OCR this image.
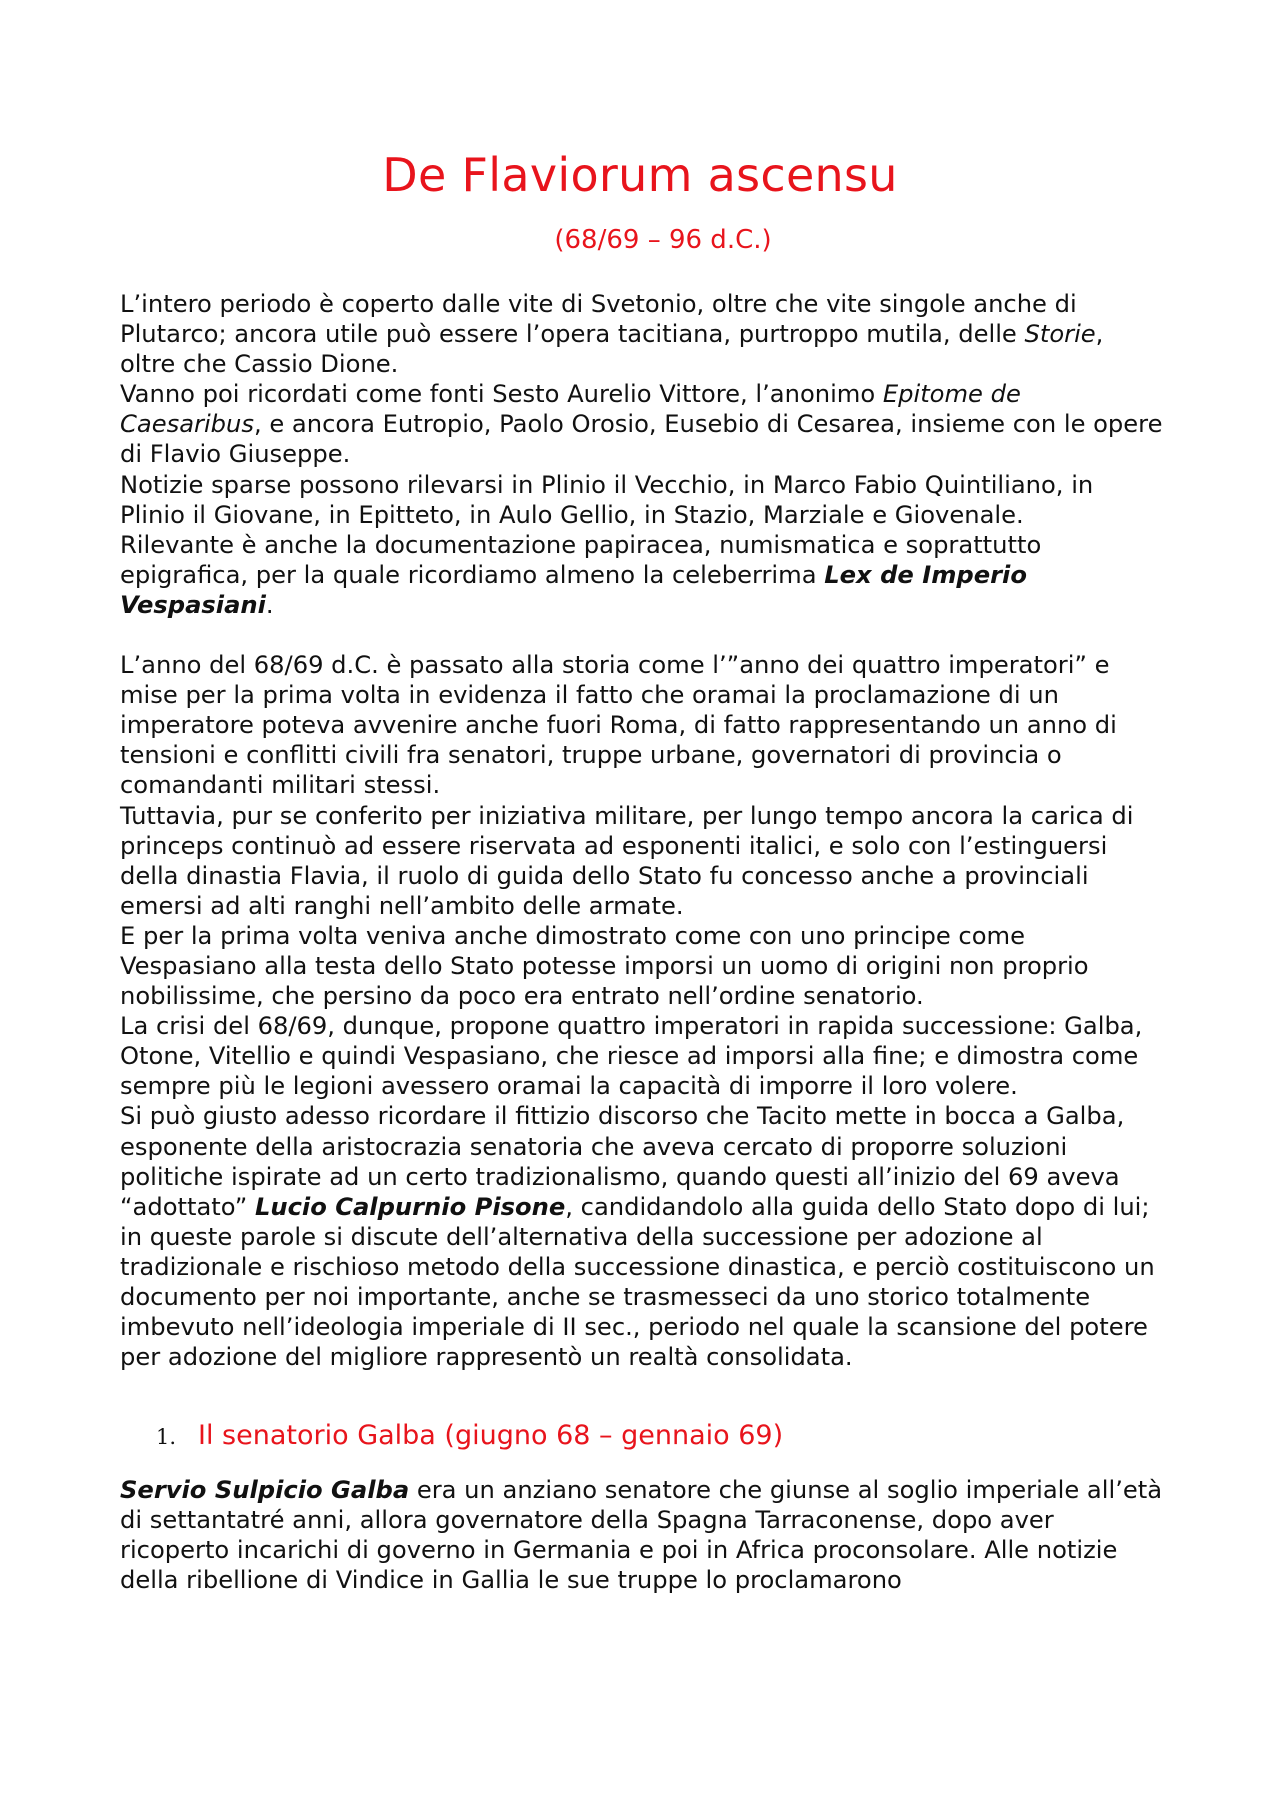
De Flaviorum ascensu
(68/69 – 96 d.C.)

L’intero periodo è coperto dalle vite di Svetonio, oltre che vite singole anche di Plutarco; ancora utile può essere l’opera tacitiana, purtroppo mutila, delle Storie, oltre che Cassio Dione.

Vanno poi ricordati come fonti Sesto Aurelio Vittore, l’anonimo Epitome de Caesaribus, e ancora Eutropio, Paolo Orosio, Eusebio di Cesarea, insieme con le opere di Flavio Giuseppe.

Notizie sparse possono rilevarsi in Plinio il Vecchio, in Marco Fabio Quintiliano, in Plinio il Giovane, in Epitteto, in Aulo Gellio, in Stazio, Marziale e Giovenale.

Rilevante è anche la documentazione papiracea, numismatica e soprattutto epigrafica, per la quale ricordiamo almeno la celeberrima Lex de Imperio Vespasiani.

L’anno del 68/69 d.C. è passato alla storia come l’”anno dei quattro imperatori” e mise per la prima volta in evidenza il fatto che oramai la proclamazione di un imperatore poteva avvenire anche fuori Roma, di fatto rappresentando un anno di tensioni e conflitti civili fra senatori, truppe urbane, governatori di provincia o comandanti militari stessi.

Tuttavia, pur se conferito per iniziativa militare, per lungo tempo ancora la carica di princeps continuò ad essere riservata ad esponenti italici, e solo con l’estinguersi della dinastia Flavia, il ruolo di guida dello Stato fu concesso anche a provinciali emersi ad alti ranghi nell’ambito delle armate.

E per la prima volta veniva anche dimostrato come con uno principe come Vespasiano alla testa dello Stato potesse imporsi un uomo di origini non proprio nobilissime, che persino da poco era entrato nell’ordine senatorio.

La crisi del 68/69, dunque, propone quattro imperatori in rapida successione: Galba, Otone, Vitellio e quindi Vespasiano, che riesce ad imporsi alla fine; e dimostra come sempre più le legioni avessero oramai la capacità di imporre il loro volere.

Si può giusto adesso ricordare il fittizio discorso che Tacito mette in bocca a Galba, esponente della aristocrazia senatoria che aveva cercato di proporre soluzioni politiche ispirate ad un certo tradizionalismo, quando questi all’inizio del 69 aveva “adottato” Lucio Calpurnio Pisone, candidandolo alla guida dello Stato dopo di lui; in queste parole si discute dell’alternativa della successione per adozione al tradizionale e rischioso metodo della successione dinastica, e perciò costituiscono un documento per noi importante, anche se trasmesseci da uno storico totalmente imbevuto nell’ideologia imperiale di II sec., periodo nel quale la scansione del potere per adozione del migliore rappresentò un realtà consolidata.

1. Il senatorio Galba (giugno 68 – gennaio 69)

Servio Sulpicio Galba era un anziano senatore che giunse al soglio imperiale all’età di settantatré anni, allora governatore della Spagna Tarraconense, dopo aver ricoperto incarichi di governo in Germania e poi in Africa proconsolare. Alle notizie della ribellione di Vindice in Gallia le sue truppe lo proclamarono
